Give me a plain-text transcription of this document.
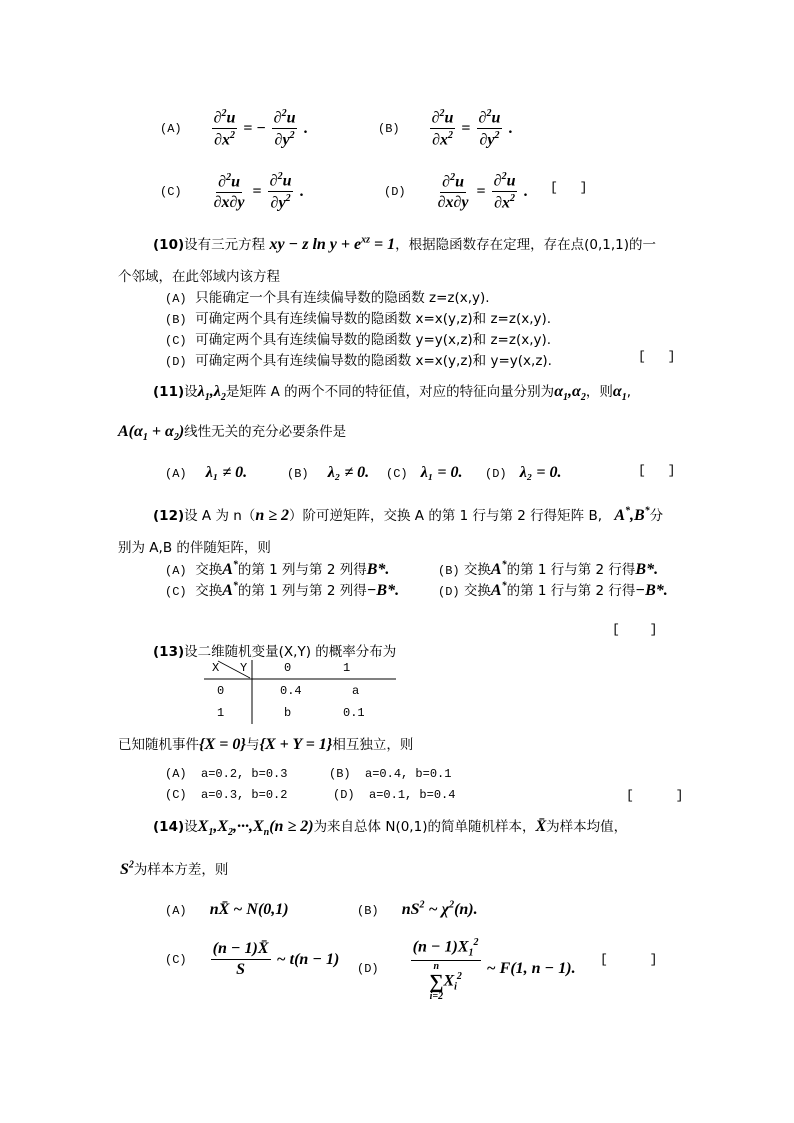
$(A) \frac{\partial^2u}{\partial x^2}$ = − $\frac{\partial^2u}{\partial y^2}$ .	$(B) \frac{\partial^2u}{\partial x^2} = \frac{\partial^2u}{\partial y^2}$ .
$(C) \frac{\partial^2u}{\partial x\partial y} = \frac{\partial^2u}{\partial y^2}$ .	$(D) \frac{\partial^2u}{\partial x\partial y} = \frac{\partial^2u}{\partial x^2}$ . [ ]
(10)设有三元方程 xy − z $\ln y + e^{xz} = 1$，根据隐函数存在定理，存在点(0,1,1)的一
个邻域，在此邻域内该方程
(A) 只能确定一个具有连续偏导数的隐函数 z=z(x,y).
(B) 可确定两个具有连续偏导数的隐函数 x=x(y,z)和 z=z(x,y).
(C) 可确定两个具有连续偏导数的隐函数 y=y(x,z)和 z=z(x,y).
(D) 可确定两个具有连续偏导数的隐函数 x=x(y,z)和 y=y(x,z).	[ ]
(11)设$\lambda_1,\lambda_2$是矩阵 A 的两个不同的特征值，对应的特征向量分别为$\alpha_1,\alpha_2$，则$\alpha_1$,
$A(\alpha_1 + \alpha_2)$线性无关的充分必要条件是
(A) λ₁ ≠ 0.	(B) λ₂ ≠ 0. (C) λ₁ = 0. (D) λ₂ = 0.	[ ]
(12)设 A 为 n（n ≥ 2）阶可逆矩阵，交换 A 的第 1 行与第 2 行得矩阵 B, A*,B*分
别为 A,B 的伴随矩阵，则
(A) 交换A*的第 1 列与第 2 列得B*.	(B) 交换A*的第 1 行与第 2 行得B*.
(C) 交换A*的第 1 列与第 2 列得−B*.	(D) 交换A*的第 1 行与第 2 行得−B*.
[ ]
(13)设二维随机变量(X,Y) 的概率分布为
X Y	0	1
0	0.4	a
1	b	0.1
已知随机事件{X = 0}与{X + Y = 1}相互独立，则
(A) a=0.2, b=0.3	(B) a=0.4, b=0.1
(C) a=0.3, b=0.2	(D) a=0.1, b=0.4	[ ]
(14)设$X_1,X_2,\cdot\cdot\cdot,X_n(n \ge 2)$为来自总体 N(0,1)的简单随机样本，X̄为样本均值，
$S^2$为样本方差，则
(A) nX̄ ~ N(0,1)	(B) $nS^2$ ~ $\chi^2(n)$.
$(C) \frac{(n - 1)X̄}{S}$ ~ t(n − 1)
(D) $(n - 1)X_1^2$
n
∑
i=2
$X_i^2$ ~ F(1, n − 1).
[ ]
